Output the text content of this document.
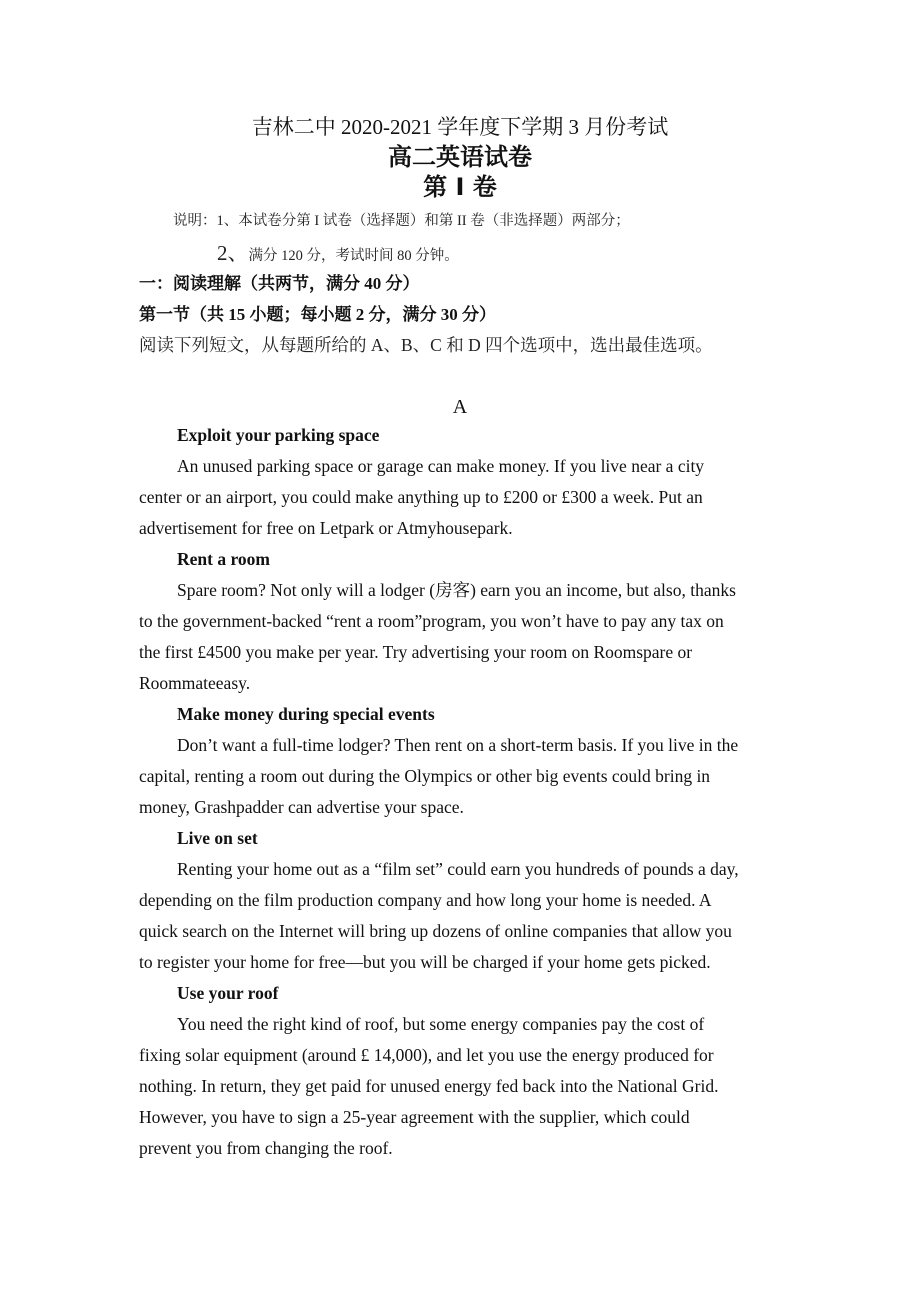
吉林二中 2020-2021 学年度下学期 3 月份考试
高二英语试卷
第 I 卷
说明：1、本试卷分第 I 试卷（选择题）和第 II 卷（非选择题）两部分；
2、满分 120 分，考试时间 80 分钟。
一：阅读理解（共两节，满分 40 分）
第一节（共 15 小题；每小题 2 分，满分 30 分）
阅读下列短文，从每题所给的 A、B、C 和 D 四个选项中，选出最佳选项。
A
Exploit your parking space
An unused parking space or garage can make money. If you live near a city
center or an airport, you could make anything up to £200 or £300 a week. Put an
advertisement for free on Letpark or Atmyhousepark.
Rent a room
Spare room? Not only will a lodger (房客) earn you an income, but also, thanks
to the government-backed “rent a room”program, you won’t have to pay any tax on
the first £4500 you make per year. Try advertising your room on Roomspare or
Roommateeasy.
Make money during special events
Don’t want a full-time lodger? Then rent on a short-term basis. If you live in the
capital, renting a room out during the Olympics or other big events could bring in
money, Grashpadder can advertise your space.
Live on set
Renting your home out as a “film set” could earn you hundreds of pounds a day,
depending on the film production company and how long your home is needed. A
quick search on the Internet will bring up dozens of online companies that allow you
to register your home for free—but you will be charged if your home gets picked.
Use your roof
You need the right kind of roof, but some energy companies pay the cost of
fixing solar equipment (around £ 14,000), and let you use the energy produced for
nothing. In return, they get paid for unused energy fed back into the National Grid.
However, you have to sign a 25-year agreement with the supplier, which could
prevent you from changing the roof.
